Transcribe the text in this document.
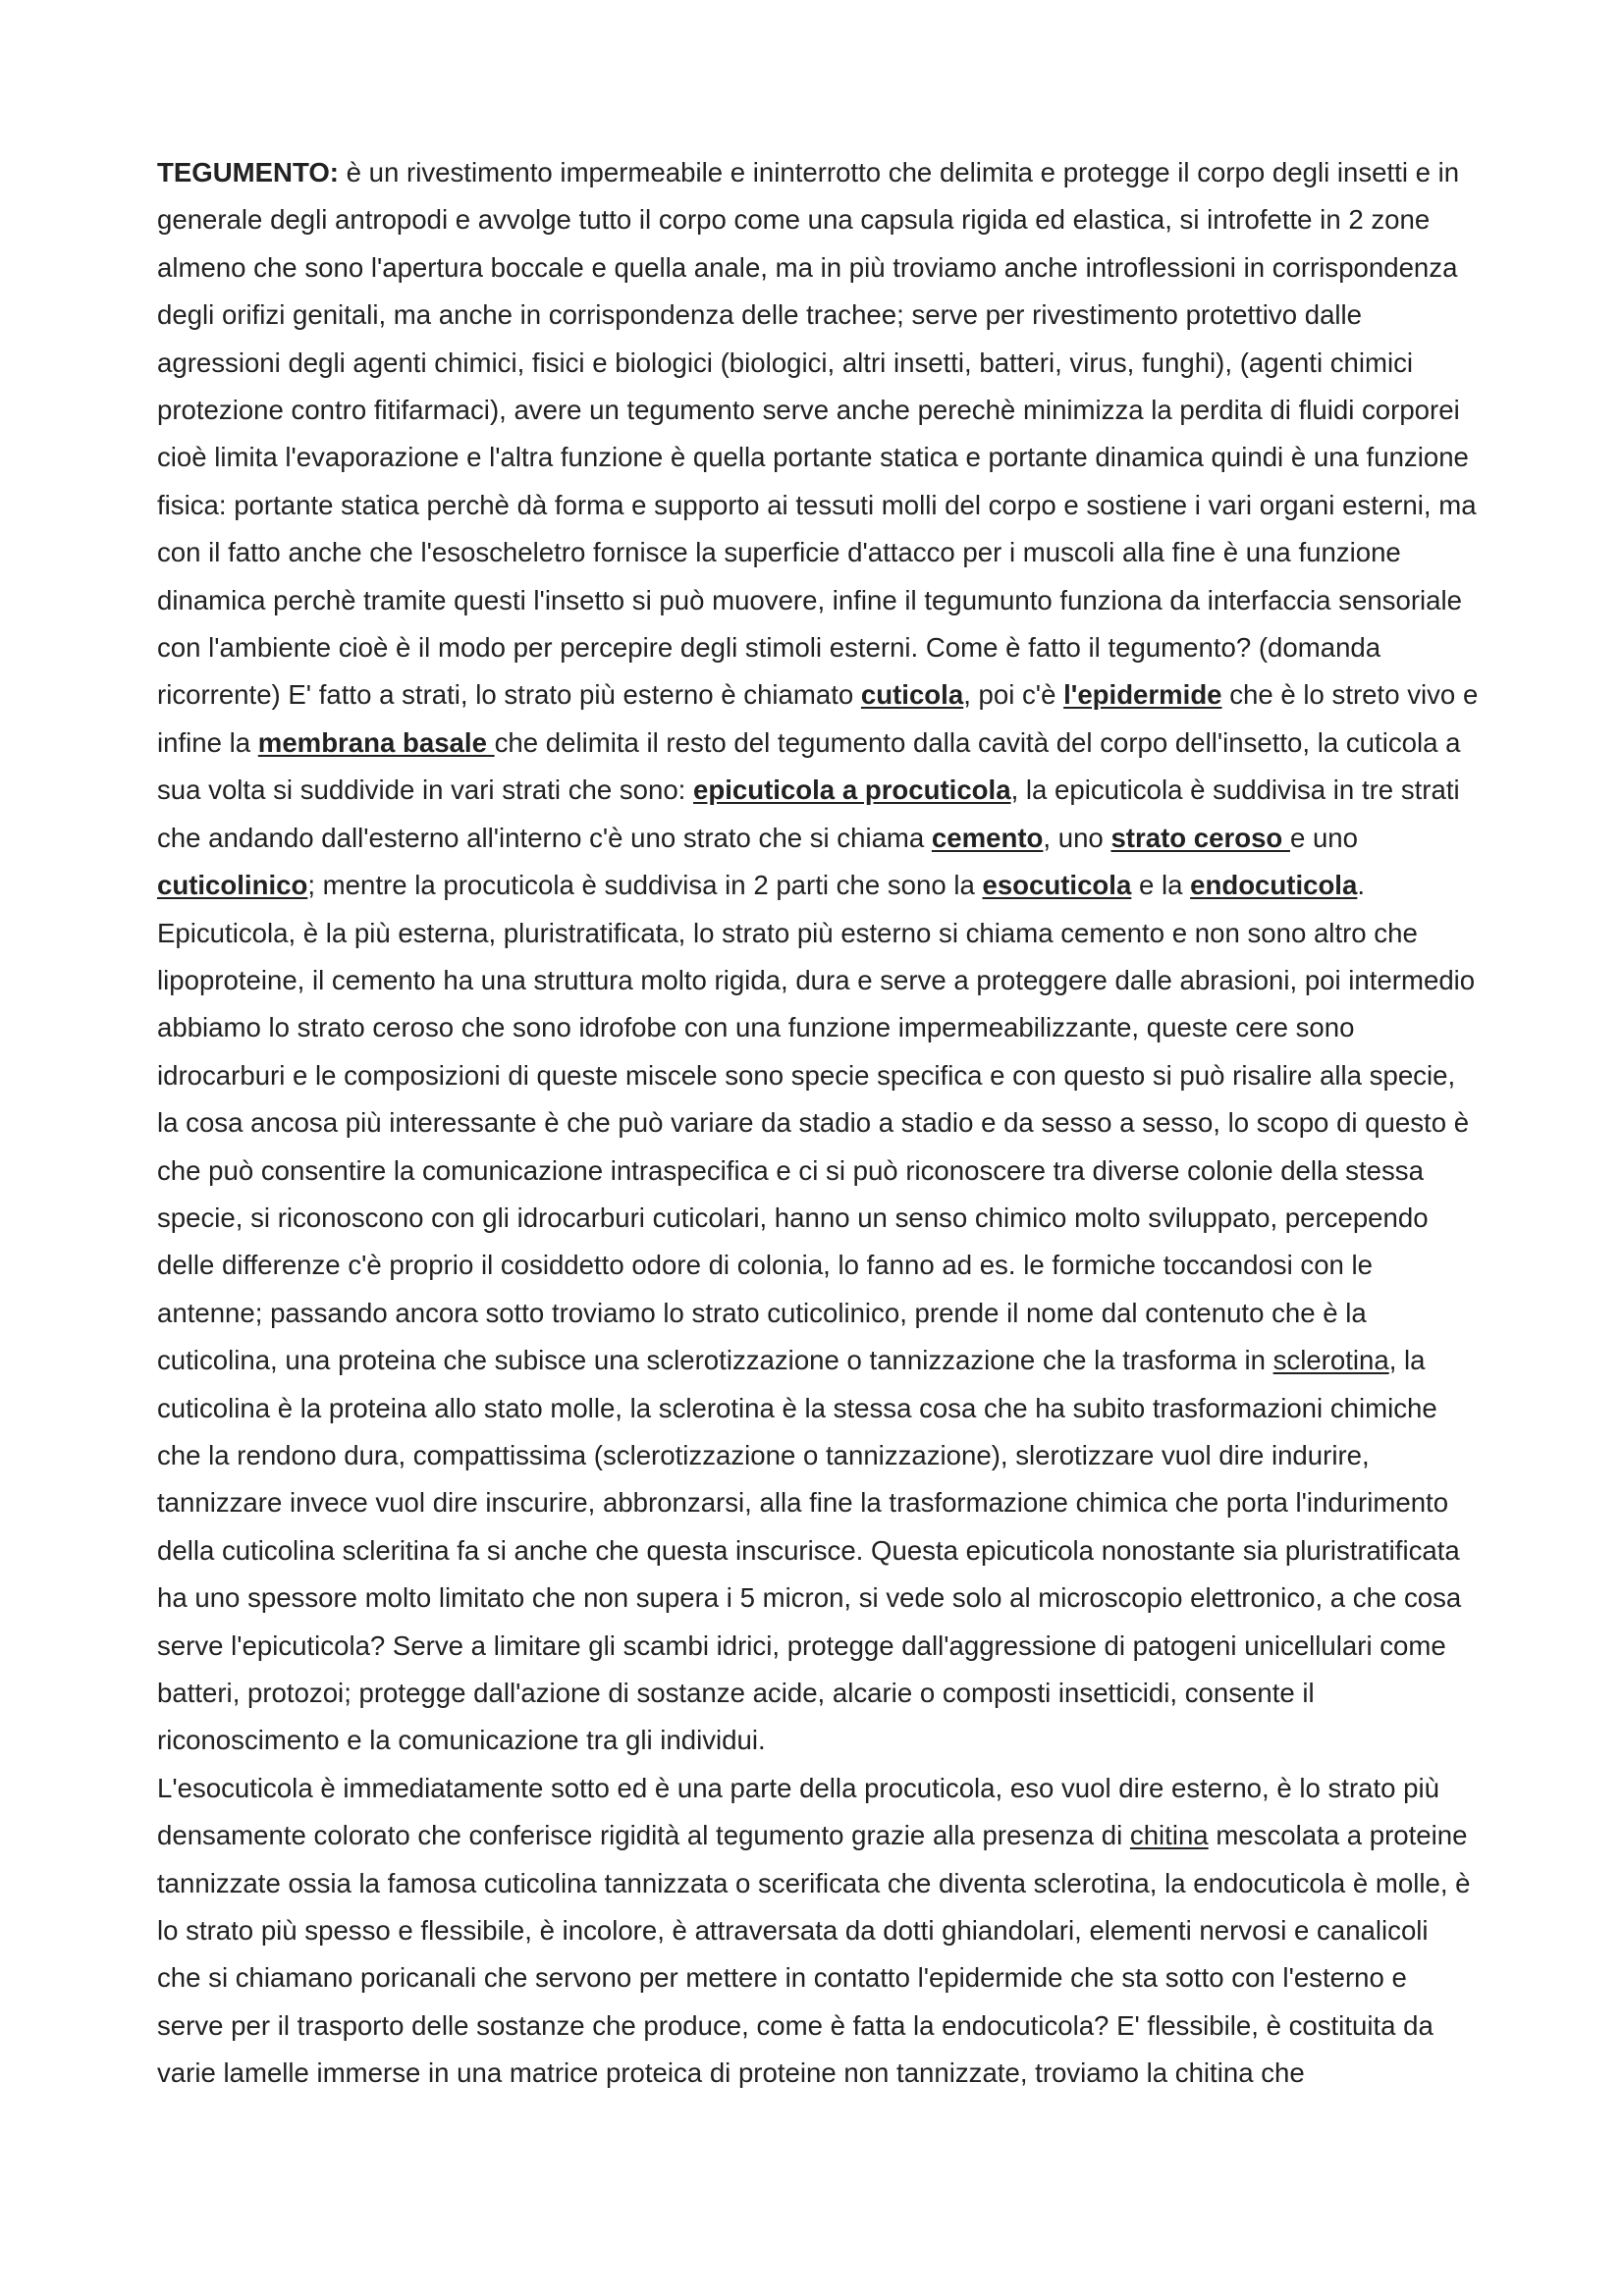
TEGUMENTO: è un rivestimento impermeabile e ininterrotto che delimita e protegge il corpo degli insetti e in generale degli antropodi e avvolge tutto il corpo come una capsula rigida ed elastica, si introfette in 2 zone almeno che sono l'apertura boccale e quella anale, ma in più troviamo anche introflessioni in corrispondenza degli orifizi genitali, ma anche in corrispondenza delle trachee; serve per rivestimento protettivo dalle agressioni degli agenti chimici, fisici e biologici (biologici, altri insetti, batteri, virus, funghi), (agenti chimici protezione contro fitifarmaci), avere un tegumento serve anche perechè minimizza la perdita di fluidi corporei cioè limita l'evaporazione e l'altra funzione è quella portante statica e portante dinamica quindi è una funzione fisica: portante statica perchè dà forma e supporto ai tessuti molli del corpo e sostiene i vari organi esterni, ma con il fatto anche che l'esoscheletro fornisce la superficie d'attacco per i muscoli alla fine è una funzione dinamica perchè tramite questi l'insetto si può muovere, infine il tegumunto funziona da interfaccia sensoriale con l'ambiente cioè è il modo per percepire degli stimoli esterni. Come è fatto il tegumento? (domanda ricorrente) E' fatto a strati, lo strato più esterno è chiamato cuticola, poi c'è l'epidermide che è lo streto vivo e infine la membrana basale che delimita il resto del tegumento dalla cavità del corpo dell'insetto, la cuticola a sua volta si suddivide in vari strati che sono: epicuticola a procuticola, la epicuticola è suddivisa in tre strati che andando dall'esterno all'interno c'è uno strato che si chiama cemento, uno strato ceroso e uno cuticolinico; mentre la procuticola è suddivisa in 2 parti che sono la esocuticola e la endocuticola.

Epicuticola, è la più esterna, pluristratificata, lo strato più esterno si chiama cemento e non sono altro che lipoproteine, il cemento ha una struttura molto rigida, dura e serve a proteggere dalle abrasioni, poi intermedio abbiamo lo strato ceroso che sono idrofobe con una funzione impermeabilizzante, queste cere sono idrocarburi e le composizioni di queste miscele sono specie specifica e con questo si può risalire alla specie, la cosa ancosa più interessante è che può variare da stadio a stadio e da sesso a sesso, lo scopo di questo è che può consentire la comunicazione intraspecifica e ci si può riconoscere tra diverse colonie della stessa specie, si riconoscono con gli idrocarburi cuticolari, hanno un senso chimico molto sviluppato, percependo delle differenze c'è proprio il cosiddetto odore di colonia, lo fanno ad es. le formiche toccandosi con le antenne; passando ancora sotto troviamo lo strato cuticolinico, prende il nome dal contenuto che è la cuticolina, una proteina che subisce una sclerotizzazione o tannizzazione che la trasforma in sclerotina, la cuticolina è la proteina allo stato molle, la sclerotina è la stessa cosa che ha subito trasformazioni chimiche che la rendono dura, compattissima (sclerotizzazione o tannizzazione), slerotizzare vuol dire indurire, tannizzare invece vuol dire inscurire, abbronzarsi, alla fine la trasformazione chimica che porta l'indurimento della cuticolina scleritina fa si anche che questa inscurisce. Questa epicuticola nonostante sia pluristratificata ha uno spessore molto limitato che non supera i 5 micron, si vede solo al microscopio elettronico, a che cosa serve l'epicuticola? Serve a limitare gli scambi idrici, protegge dall'aggressione di patogeni unicellulari come batteri, protozoi; protegge dall'azione di sostanze acide, alcarie o composti insetticidi, consente il riconoscimento e la comunicazione tra gli individui.

L'esocuticola è immediatamente sotto ed è una parte della procuticola, eso vuol dire esterno, è lo strato più densamente colorato che conferisce rigidità al tegumento grazie alla presenza di chitina mescolata a proteine tannizzate ossia la famosa cuticolina tannizzata o scerificata che diventa sclerotina, la endocuticola è molle, è lo strato più spesso e flessibile, è incolore, è attraversata da dotti ghiandolari, elementi nervosi e canalicoli che si chiamano poricanali che servono per mettere in contatto l'epidermide che sta sotto con l'esterno e serve per il trasporto delle sostanze che produce, come è fatta la endocuticola? E' flessibile, è costituita da varie lamelle immerse in una matrice proteica di proteine non tannizzate, troviamo la chitina che
